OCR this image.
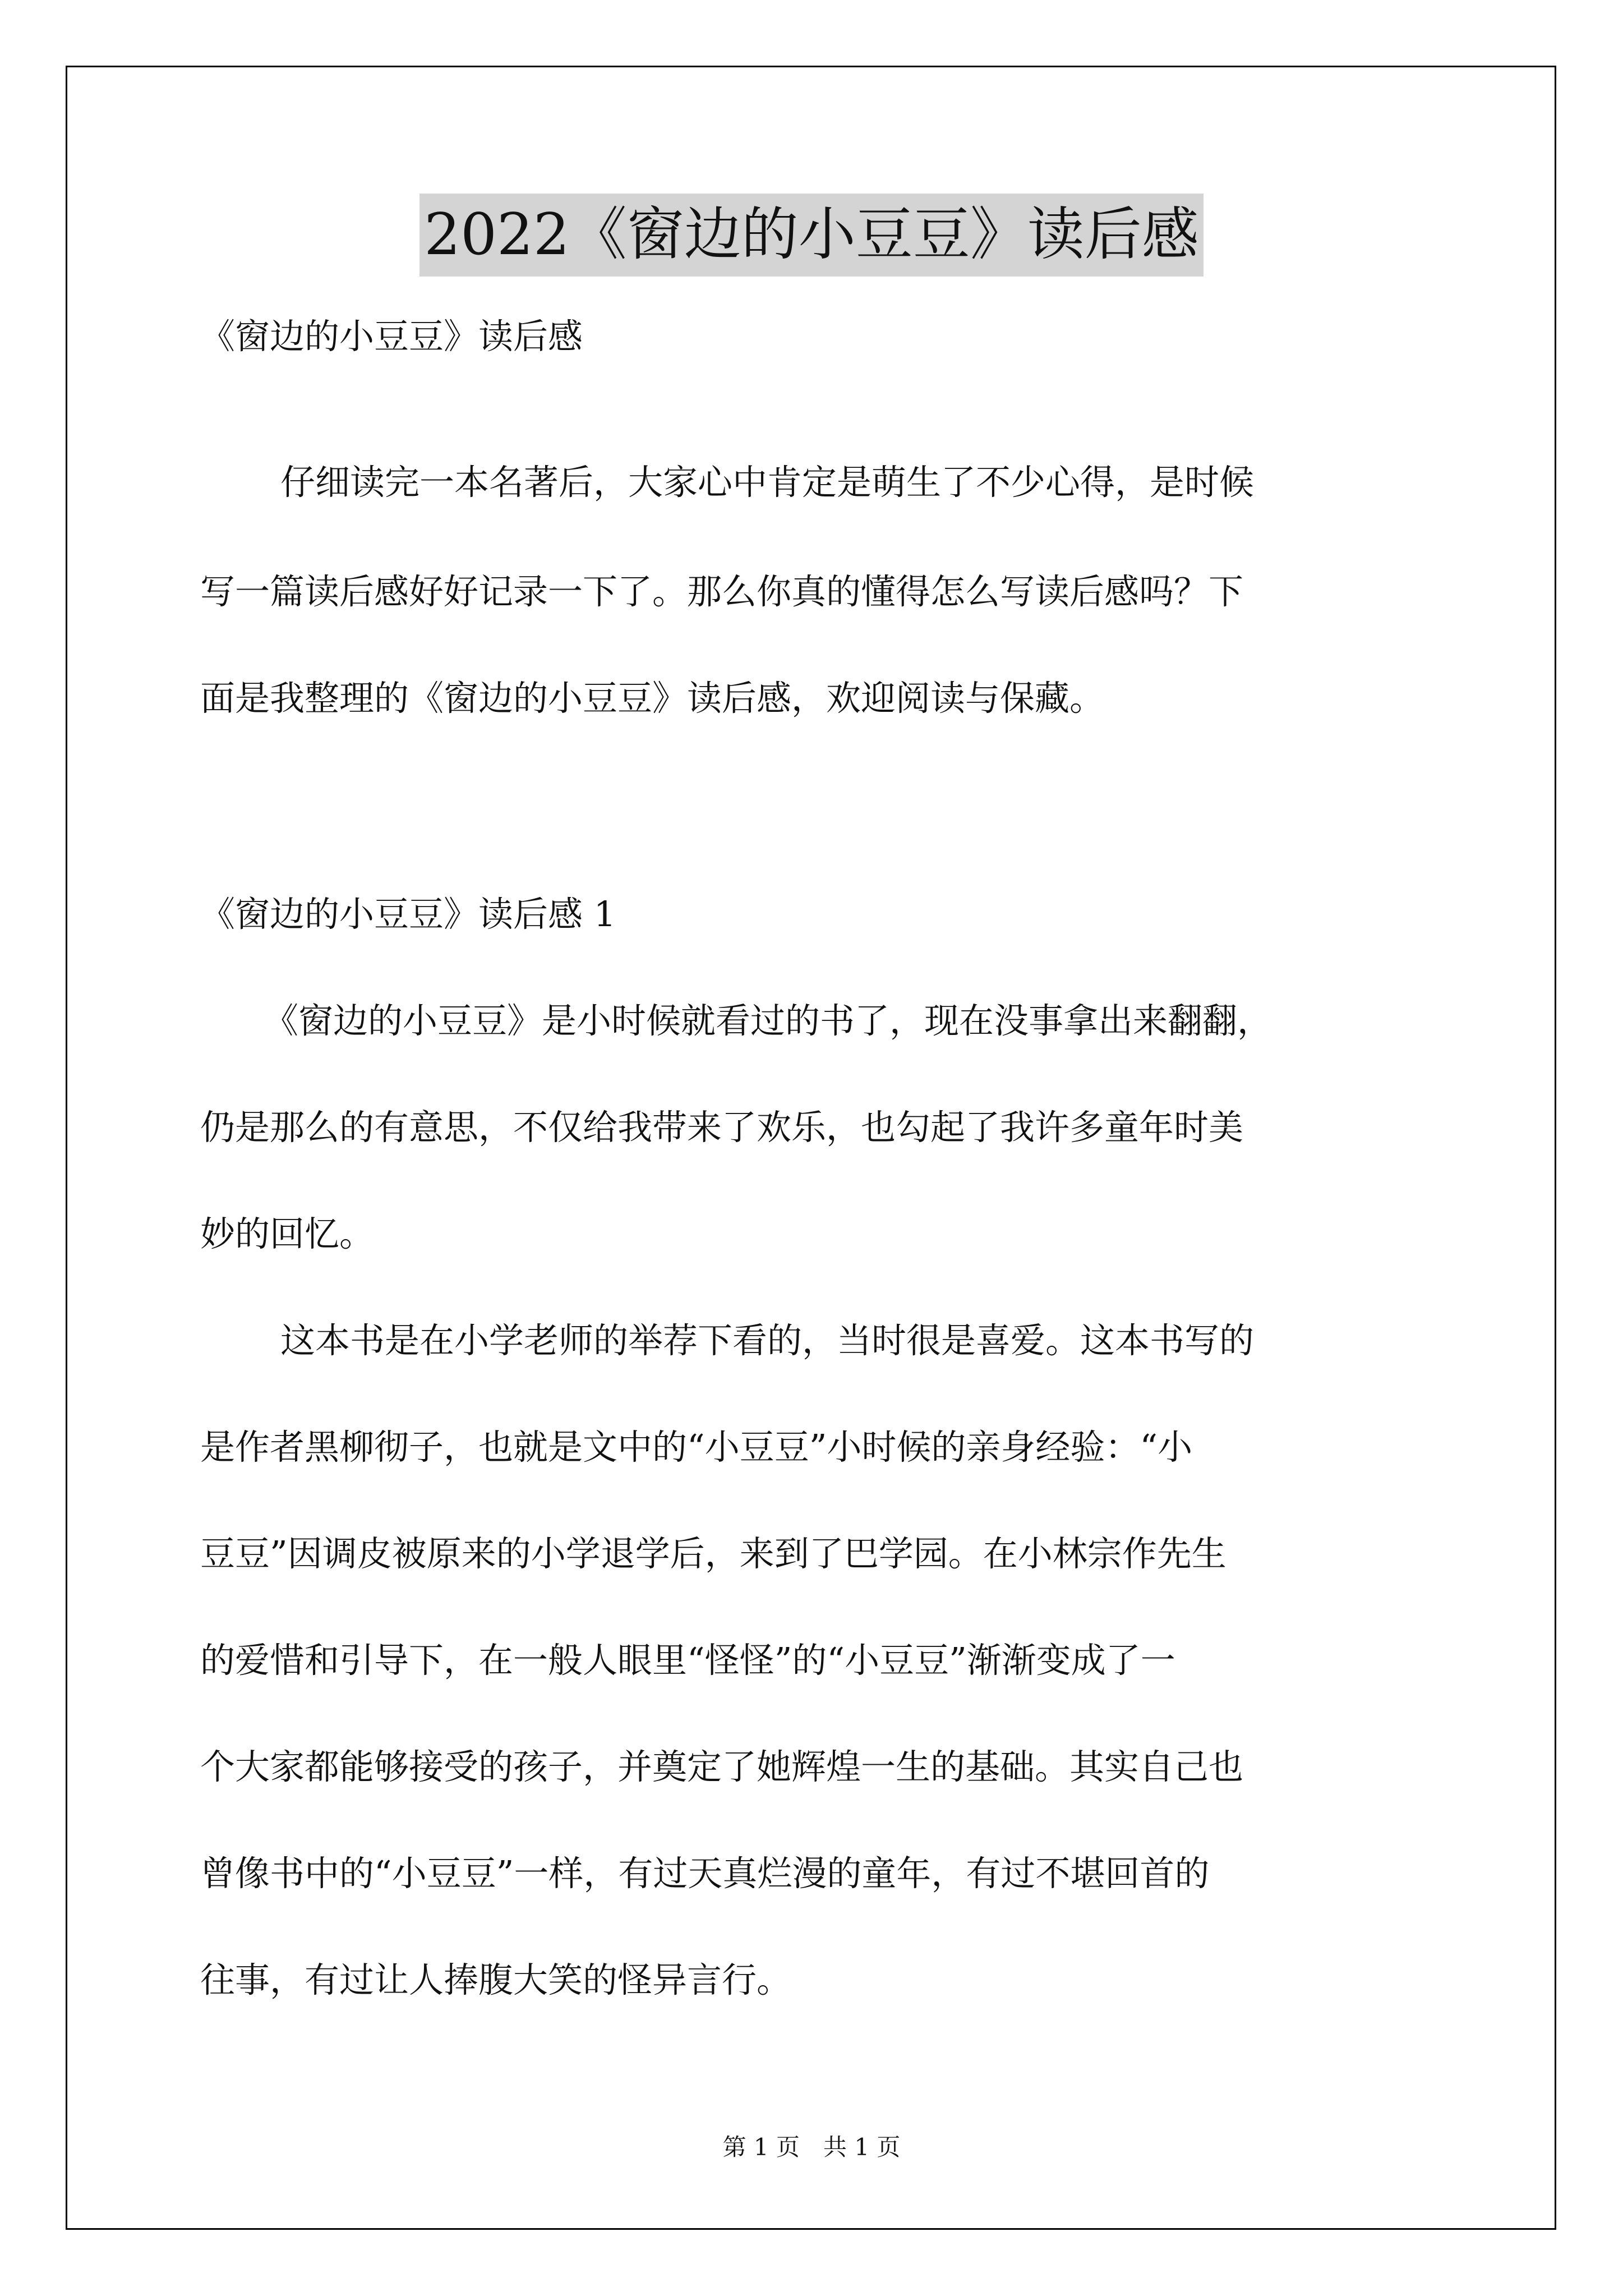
2022《窗边的小豆豆》读后感
《窗边的小豆豆》读后感
仔细读完一本名著后，大家心中肯定是萌生了不少心得，是时候
写一篇读后感好好记录一下了。那么你真的懂得怎么写读后感吗？下
面是我整理的《窗边的小豆豆》读后感，欢迎阅读与保藏。
《窗边的小豆豆》读后感 1
《窗边的小豆豆》是小时候就看过的书了，现在没事拿出来翻翻，
仍是那么的有意思，不仅给我带来了欢乐，也勾起了我许多童年时美
妙的回忆。
这本书是在小学老师的举荐下看的，当时很是喜爱。这本书写的
是作者黑柳彻子，也就是文中的“小豆豆”小时候的亲身经验：“小
豆豆”因调皮被原来的小学退学后，来到了巴学园。在小林宗作先生
的爱惜和引导下，在一般人眼里“怪怪”的“小豆豆”渐渐变成了一
个大家都能够接受的孩子，并奠定了她辉煌一生的基础。其实自己也
曾像书中的“小豆豆”一样，有过天真烂漫的童年，有过不堪回首的
往事，有过让人捧腹大笑的怪异言行。
第 1 页　共 1 页
